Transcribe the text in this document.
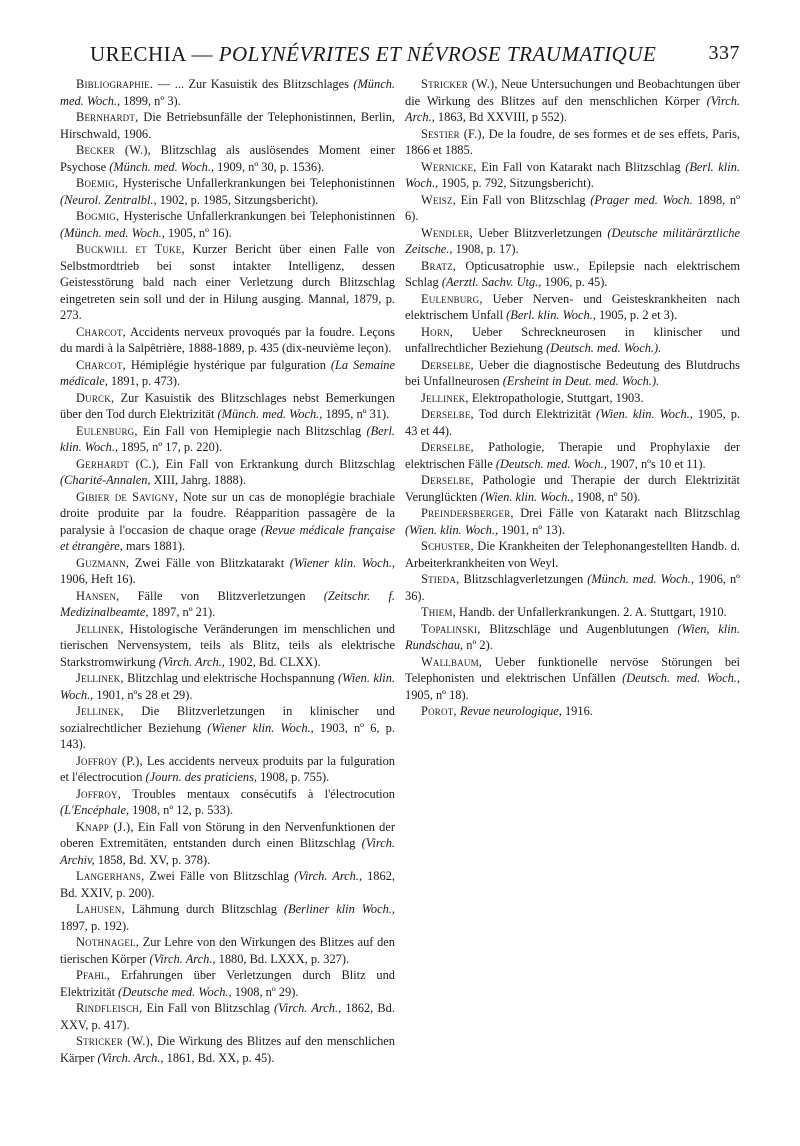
URECHIA — POLYNÉVRITES ET NÉVROSE TRAUMATIQUE	337

Bibliographie. — ... Zur Kasuistik des Blitzschlages (Münch. med. Woch., 1899, nº 3).

Bernhardt, Die Betriebsunfälle der Telephonistinnen, Berlin, Hirschwald, 1906.

Becker (W.), Blitzschlag als auslösendes Moment einer Psychose (Münch. med. Woch., 1909, nº 30, p. 1536).

Boemig, Hysterische Unfallerkrankungen bei Telephonistinnen (Neurol. Zentralbl., 1902, p. 1985, Sitzungsbericht).

Bogmig, Hysterische Unfallerkrankungen bei Telephonistinnen (Münch. med. Woch., 1905, nº 16).

Buckwill et Tuke, Kurzer Bericht über einen Falle von Selbstmordtrieb bei sonst intakter Intelligenz, dessen Geistesstörung bald nach einer Verletzung durch Blitzschlag eingetreten sein soll und der in Hilung ausging. Mannal, 1879, p. 273.

Charcot, Accidents nerveux provoqués par la foudre. Leçons du mardi à la Salpêtrière, 1888-1889, p. 435 (dix-neuvième leçon).

Charcot, Hémiplégie hystérique par fulguration (La Semaine médicale, 1891, p. 473).

Durck, Zur Kasuistik des Blitzschlages nebst Bemerkungen über den Tod durch Elektrizität (Münch. med. Woch., 1895, nº 31).

Eulenburg, Ein Fall von Hemiplegie nach Blitzschlag (Berl. klin. Woch., 1895, nº 17, p. 220).

Gerhardt (C.), Ein Fall von Erkrankung durch Blitzschlag (Charité-Annalen, XIII, Jahrg. 1888).

Gibier de Savigny, Note sur un cas de monoplégie brachiale droite produite par la foudre. Réapparition passagère de la paralysie à l'occasion de chaque orage (Revue médicale française et étrangère, mars 1881).

Guzmann, Zwei Fälle von Blitzkatarakt (Wiener klin. Woch., 1906, Heft 16).

Hansen, Fälle von Blitzverletzungen (Zeitschr. f. Medizinalbeamte, 1897, nº 21).

Jellinek, Histologische Veränderungen im menschlichen und tierischen Nervensystem, teils als Blitz, teils als elektrische Starkstromwirkung (Virch. Arch., 1902, Bd. CLXX).

Jellinek, Blitzchlag und elektrische Hochspannung (Wien. klin. Woch., 1901, nºs 28 et 29).

Jellinek, Die Blitzverletzungen in klinischer und sozialrechtlicher Beziehung (Wiener klin. Woch., 1903, nº 6, p. 143).

Joffroy (P.), Les accidents nerveux produits par la fulguration et l'électrocution (Journ. des praticiens, 1908, p. 755).

Joffroy, Troubles mentaux consécutifs à l'électrocution (L'Encéphale, 1908, nº 12, p. 533).

Knapp (J.), Ein Fall von Störung in den Nervenfunktionen der oberen Extremitäten, entstanden durch einen Blitzschlag (Virch. Archiv, 1858, Bd. XV, p. 378).

Langerhans, Zwei Fälle von Blitzschlag (Virch. Arch., 1862, Bd. XXIV, p. 200).

Lahusen, Lähmung durch Blitzschlag (Berliner klin Woch., 1897, p. 192).

Nothnagel, Zur Lehre von den Wirkungen des Blitzes auf den tierischen Körper (Virch. Arch., 1880, Bd. LXXX, p. 327).

Pfahl, Erfahrungen über Verletzungen durch Blitz und Elektrizität (Deutsche med. Woch., 1908, nº 29).

Rindfleisch, Ein Fall von Blitzschlag (Virch. Arch., 1862, Bd. XXV, p. 417).

Stricker (W.), Die Wirkung des Blitzes auf den menschlichen Kärper (Virch. Arch., 1861, Bd. XX, p. 45).

Stricker (W.), Neue Untersuchungen und Beobachtungen über die Wirkung des Blitzes auf den menschlichen Körper (Virch. Arch., 1863, Bd XXVIII, p 552).

Sestier (F.), De la foudre, de ses formes et de ses effets, Paris, 1866 et 1885.

Wernicke, Ein Fall von Katarakt nach Blitzschlag (Berl. klin. Woch., 1905, p. 792, Sitzungsbericht).

Weisz, Ein Fall von Blitzschlag (Prager med. Woch. 1898, nº 6).

Wendler, Ueber Blitzverletzungen (Deutsche militärärztliche Zeitsche., 1908, p. 17).

Bratz, Opticusatrophie usw., Epilepsie nach elektrischem Schlag (Aerztl. Sachv. Utg., 1906, p. 45).

Eulenburg, Ueber Nerven- und Geisteskrankheiten nach elektrischem Unfall (Berl. klin. Woch., 1905, p. 2 et 3).

Horn, Ueber Schreckneurosen in klinischer und unfallrechtlicher Beziehung (Deutsch. med. Woch.).

Derselbe, Ueber die diagnostische Bedeutung des Blutdruchs bei Unfallneurosen (Ersheint in Deut. med. Woch.).

Jellinek, Elektropathologie, Stuttgart, 1903.

Derselbe, Tod durch Elektrizität (Wien. klin. Woch., 1905, p. 43 et 44).

Derselbe, Pathologie, Therapie und Prophylaxie der elektrischen Fälle (Deutsch. med. Woch., 1907, nºs 10 et 11).

Derselbe, Pathologie und Therapie der durch Elektrizität Verunglückten (Wien. klin. Woch., 1908, nº 50).

Preindersberger, Drei Fälle von Katarakt nach Blitzschlag (Wien. klin. Woch., 1901, nº 13).

Schuster, Die Krankheiten der Telephonangestellten Handb. d. Arbeiterkrankheiten von Weyl.

Stieda, Blitzschlagverletzungen (Münch. med. Woch., 1906, nº 36).

Thiem, Handb. der Unfallerkrankungen. 2. A. Stuttgart, 1910.

Topalinski, Blitzschläge und Augenblutungen (Wien, klin. Rundschau, nº 2).

Wallbaum, Ueber funktionelle nervöse Störungen bei Telephonisten und elektrischen Unfällen (Deutsch. med. Woch., 1905, nº 18).

Porot, Revue neurologique, 1916.
